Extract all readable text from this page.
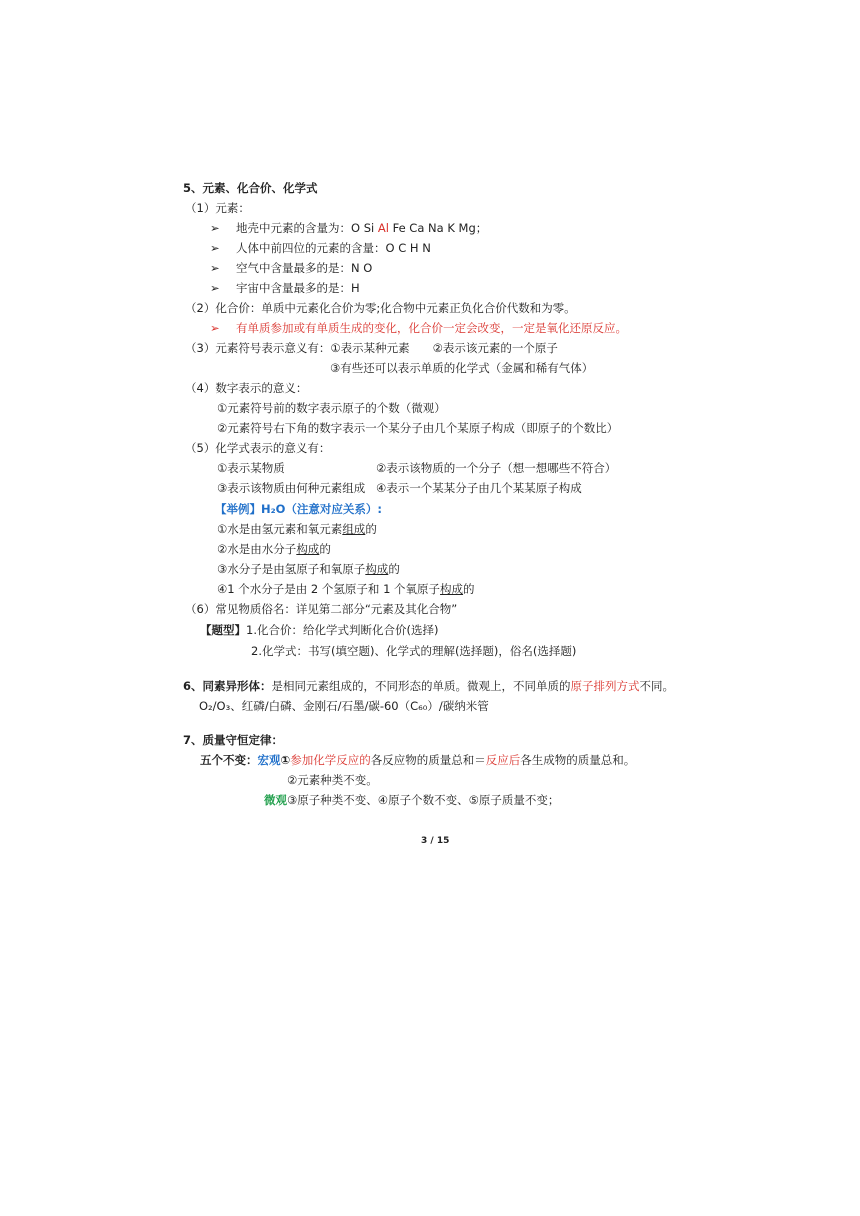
5、元素、化合价、化学式
（1）元素：
➢ 地壳中元素的含量为：O Si Al Fe Ca Na K Mg；
➢ 人体中前四位的元素的含量：O C H N
➢ 空气中含量最多的是：N O
➢ 宇宙中含量最多的是：H
（2）化合价：单质中元素化合价为零;化合物中元素正负化合价代数和为零。
➢ 有单质参加或有单质生成的变化，化合价一定会改变，一定是氧化还原反应。
（3）元素符号表示意义有：①表示某种元素　　②表示该元素的一个原子
③有些还可以表示单质的化学式（金属和稀有气体）
（4）数字表示的意义：
①元素符号前的数字表示原子的个数（微观）
②元素符号右下角的数字表示一个某分子由几个某原子构成（即原子的个数比）
（5）化学式表示的意义有：
①表示某物质	②表示该物质的一个分子（想一想哪些不符合）
③表示该物质由何种元素组成 ④表示一个某某分子由几个某某原子构成
【举例】H₂O（注意对应关系）:
①水是由氢元素和氧元素组成的
②水是由水分子构成的
③水分子是由氢原子和氧原子构成的
④1 个水分子是由 2 个氢原子和 1 个氧原子构成的
（6）常见物质俗名：详见第二部分“元素及其化合物”
【题型】1.化合价：给化学式判断化合价(选择)
2.化学式：书写(填空题)、化学式的理解(选择题)，俗名(选择题)
6、同素异形体：是相同元素组成的，不同形态的单质。微观上，不同单质的原子排列方式不同。
O₂/O₃、红磷/白磷、金刚石/石墨/碳-60（C₆₀）/碳纳米管
7、质量守恒定律：
五个不变：宏观①参加化学反应的各反应物的质量总和＝反应后各生成物的质量总和。
②元素种类不变。
微观③原子种类不变、④原子个数不变、⑤原子质量不变；
3 / 15
